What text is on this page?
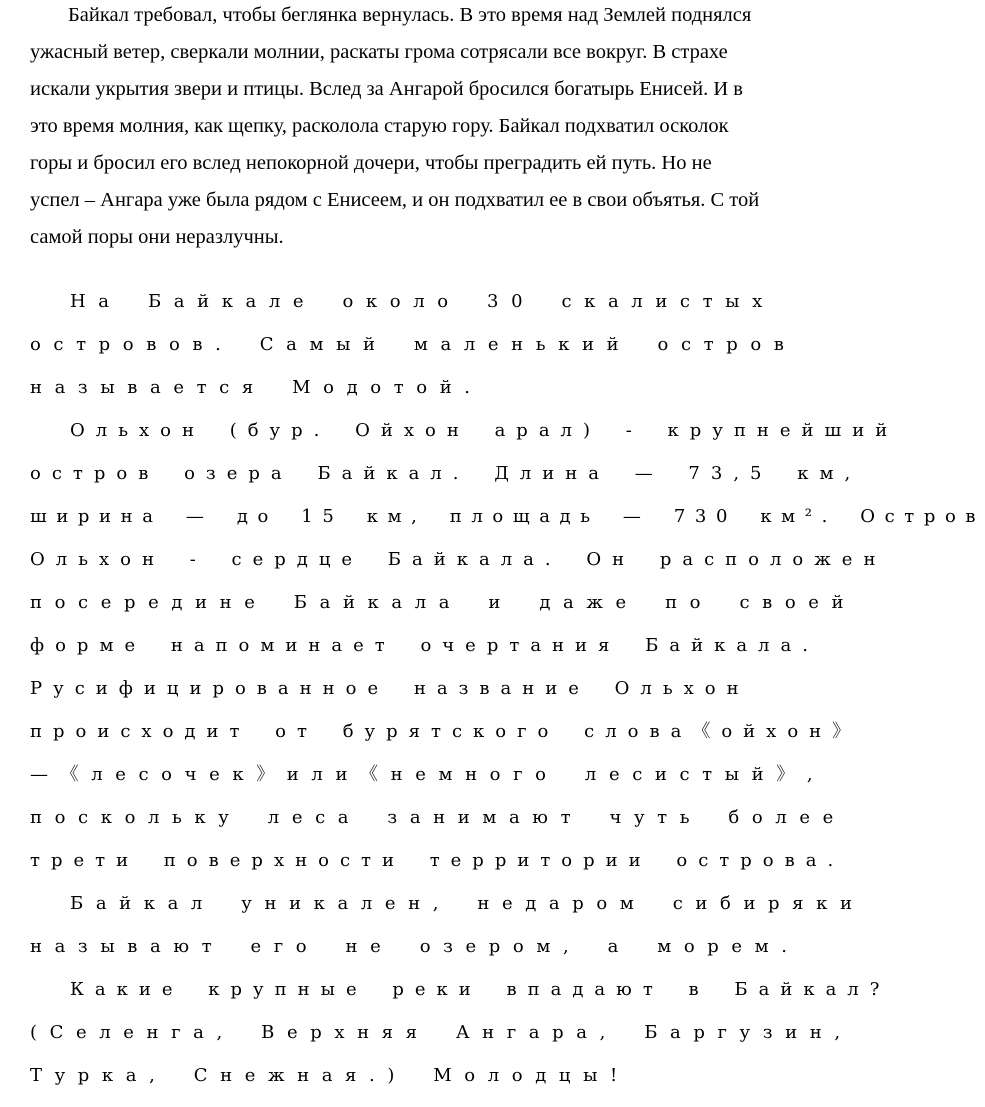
Байкал требовал, чтобы беглянка вернулась. В это время над Землей поднялся
ужасный ветер, сверкали молнии, раскаты грома сотрясали все вокруг. В страхе
искали укрытия звери и птицы. Вслед за Ангарой бросился богатырь Енисей. И в
это время молния, как щепку, расколола старую гору. Байкал подхватил осколок
горы и бросил его вслед непокорной дочери, чтобы преградить ей путь. Но не
успел – Ангара уже была рядом с Енисеем, и он подхватил ее в свои объятья. С той
самой поры они неразлучны.
На Байкале около 30 скалистых
островов. Самый маленький остров
называется Модотой.
Ольхон (бур. Ойхон арал) - крупнейший
остров озера Байкал. Длина — 73,5 км,
ширина — до 15 км, площадь — 730 км². Остров
Ольхон - сердце Байкала. Он расположен
посередине Байкала и даже по своей
форме напоминает очертания Байкала.
Русифицированное название Ольхон
происходит от бурятского слова《ойхон》
—《лесочек》или《немного лесистый》,
поскольку леса занимают чуть более
трети поверхности территории острова.
Байкал уникален, недаром сибиряки
называют его не озером, а морем.
Какие крупные реки впадают в Байкал?
(Селенга, Верхняя Ангара, Баргузин,
Турка, Снежная.) Молодцы!
